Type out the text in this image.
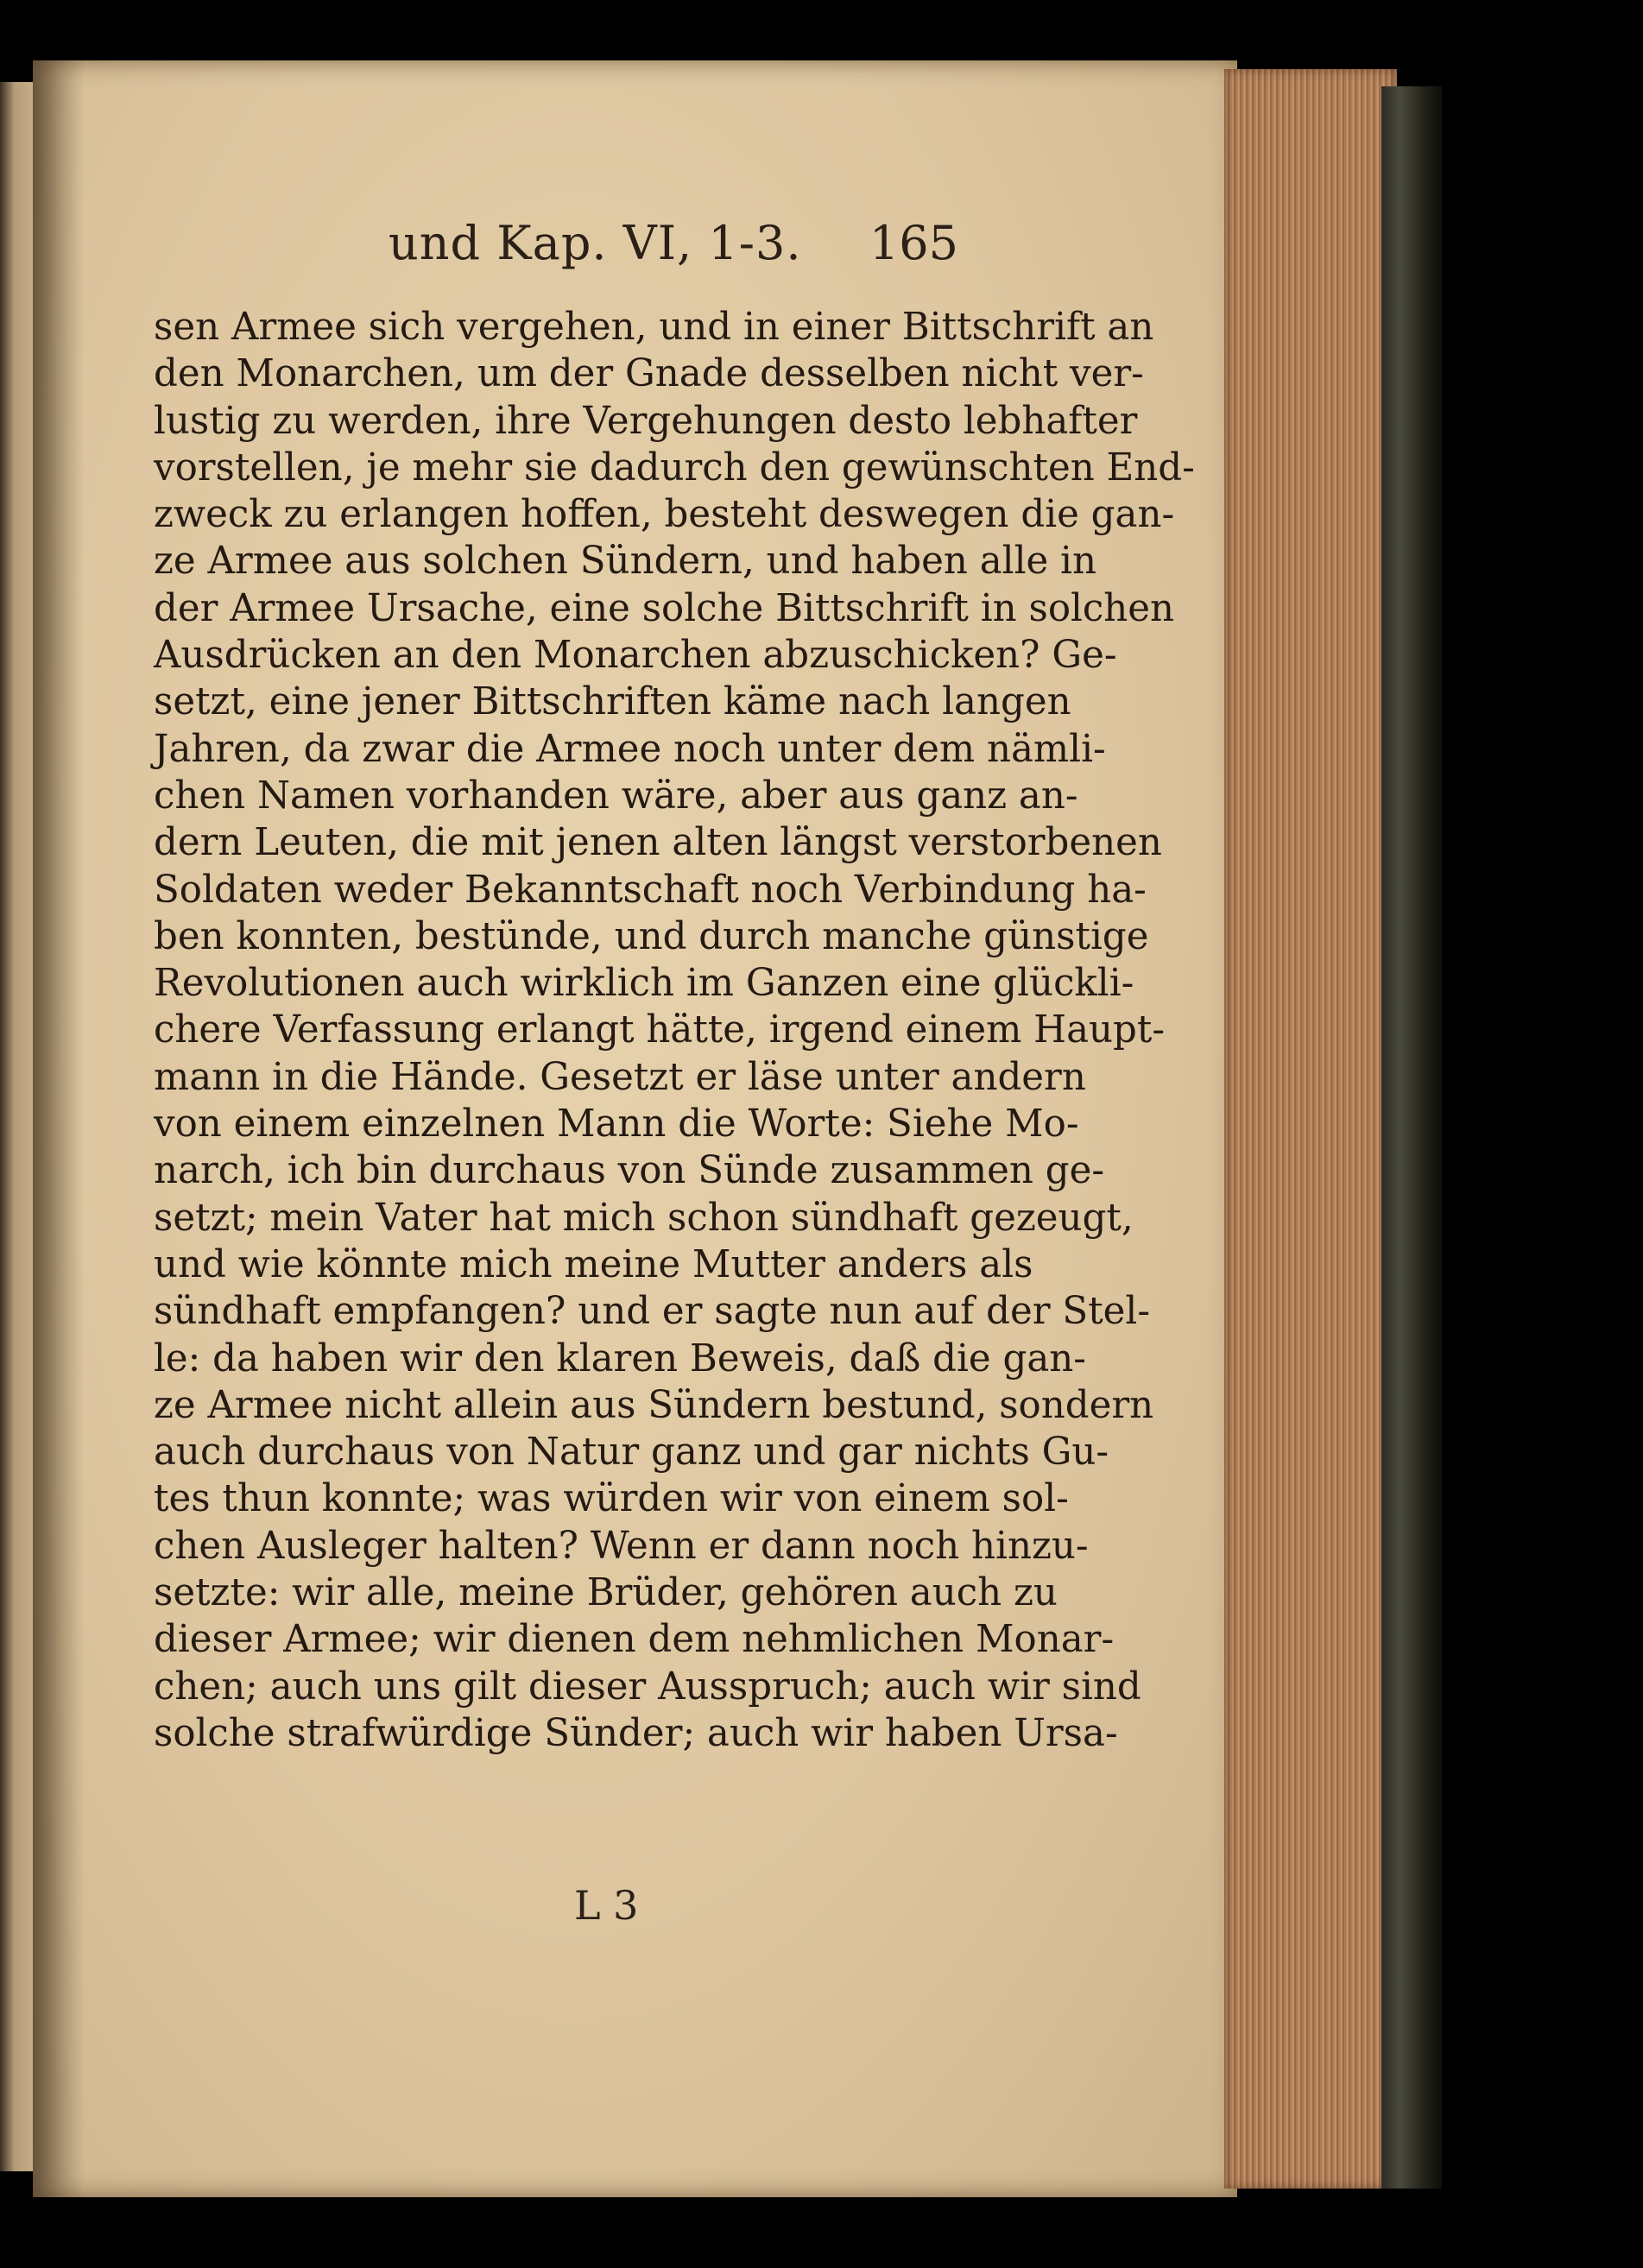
und Kap. VI, 1-3. 165
sen Armee sich vergehen, und in einer Bittschrift an
den Monarchen, um der Gnade desselben nicht ver-
lustig zu werden, ihre Vergehungen desto lebhafter
vorstellen, je mehr sie dadurch den gewünschten End-
zweck zu erlangen hoffen, besteht deswegen die gan-
ze Armee aus solchen Sündern, und haben alle in
der Armee Ursache, eine solche Bittschrift in solchen
Ausdrücken an den Monarchen abzuschicken? Ge-
setzt, eine jener Bittschriften käme nach langen
Jahren, da zwar die Armee noch unter dem nämli-
chen Namen vorhanden wäre, aber aus ganz an-
dern Leuten, die mit jenen alten längst verstorbenen
Soldaten weder Bekanntschaft noch Verbindung ha-
ben konnten, bestünde, und durch manche günstige
Revolutionen auch wirklich im Ganzen eine glückli-
chere Verfassung erlangt hätte, irgend einem Haupt-
mann in die Hände. Gesetzt er läse unter andern
von einem einzelnen Mann die Worte: Siehe Mo-
narch, ich bin durchaus von Sünde zusammen ge-
setzt; mein Vater hat mich schon sündhaft gezeugt,
und wie könnte mich meine Mutter anders als
sündhaft empfangen? und er sagte nun auf der Stel-
le: da haben wir den klaren Beweis, daß die gan-
ze Armee nicht allein aus Sündern bestund, sondern
auch durchaus von Natur ganz und gar nichts Gu-
tes thun konnte; was würden wir von einem sol-
chen Ausleger halten? Wenn er dann noch hinzu-
setzte: wir alle, meine Brüder, gehören auch zu
dieser Armee; wir dienen dem nehmlichen Monar-
chen; auch uns gilt dieser Ausspruch; auch wir sind
solche strafwürdige Sünder; auch wir haben Ursa-
L 3
